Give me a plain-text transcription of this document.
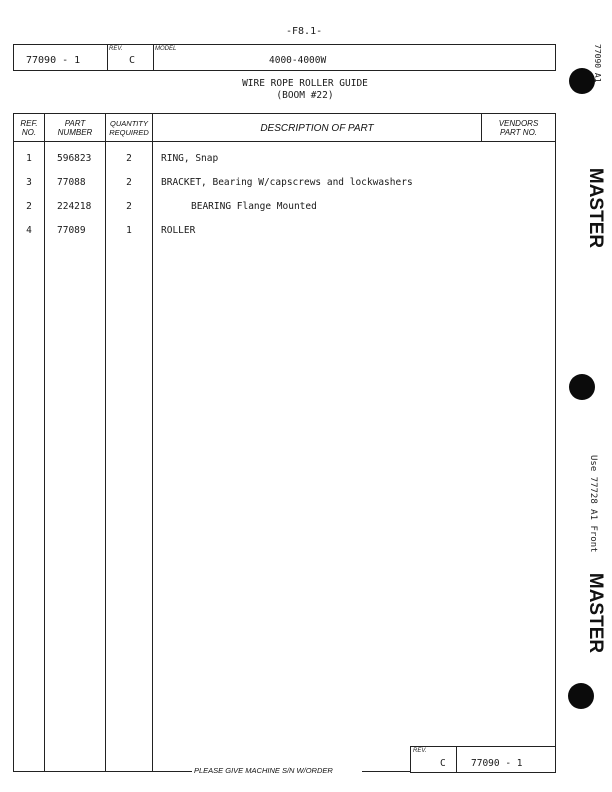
-F8.1-
77090 - 1
REV.
C
MODEL
4000-4000W
WIRE ROPE ROLLER GUIDE
(BOOM #22)
REF.
NO.
PART
NUMBER
QUANTITY
REQUIRED	DESCRIPTION OF PART	VENDORS
PART NO.
1	596823	2	RING, Snap
3	77088	2	BRACKET, Bearing W/capscrews and lockwashers
2	224218	2	BEARING Flange Mounted
4	77089	1	ROLLER
PLEASE GIVE MACHINE S/N W/ORDER
REV.
C	77090 - 1
77090 A1
MASTER
Use 77728 A1 Front
MASTER
